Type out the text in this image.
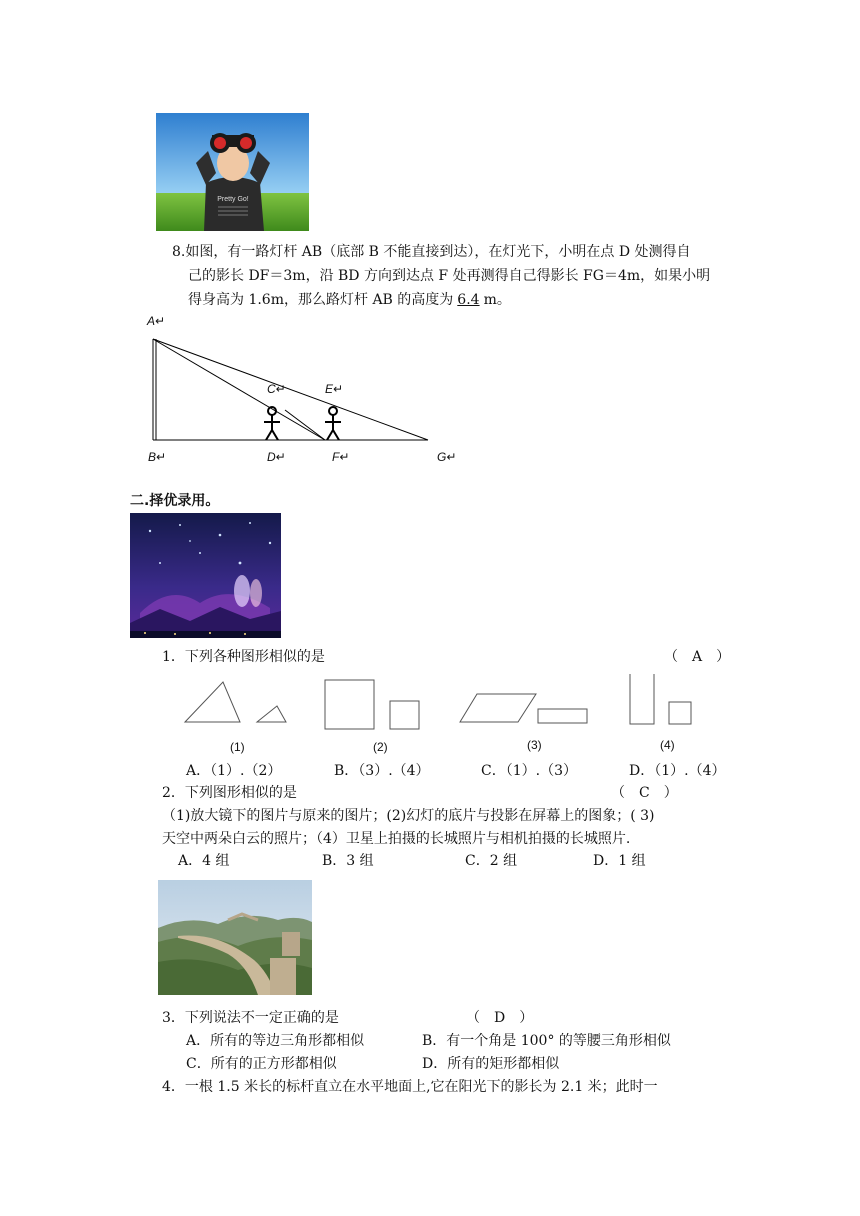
Pretty Go!
8.如图，有一路灯杆 AB（底部 B 不能直接到达），在灯光下，小明在点 D 处测得自
己的影长 DF＝3m，沿 BD 方向到达点 F 处再测得自己得影长 FG＝4m，如果小明
得身高为 1.6m，那么路灯杆 AB 的高度为 6.4 m。
A↵
B↵
C↵
D↵
E↵
F↵	G↵
二.择优录用。
1．下列各种图形相似的是	（　A　）
(1)	(2)	(3)	(4)
A．（1）.（2）	B．（3）.（4）	C．（1）.（3）	D．（1）.（4）
2．下列图形相似的是	（　C　）
（1)放大镜下的图片与原来的图片；(2)幻灯的底片与投影在屏幕上的图象；( 3)
天空中两朵白云的照片；（4）卫星上拍摄的长城照片与相机拍摄的长城照片.
A．4 组	B．3 组	C．2 组	D．1 组
3．下列说法不一定正确的是	（　D　）
A．所有的等边三角形都相似	B．有一个角是 100° 的等腰三角形相似
C．所有的正方形都相似	D．所有的矩形都相似
4．一根 1.5 米长的标杆直立在水平地面上,它在阳光下的影长为 2.1 米；此时一
